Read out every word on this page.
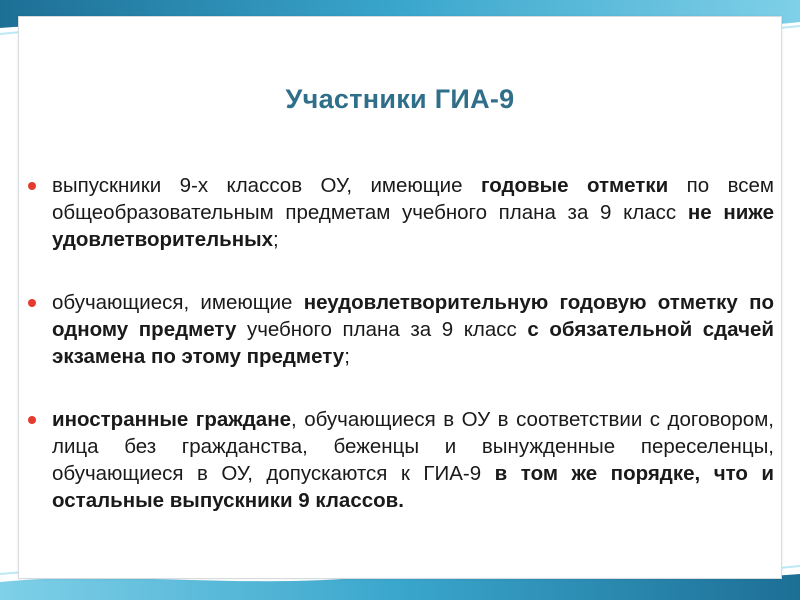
Участники ГИА-9
выпускники 9-х классов ОУ, имеющие годовые отметки по всем общеобразовательным предметам учебного плана за 9 класс не ниже удовлетворительных;
обучающиеся, имеющие неудовлетворительную годовую отметку по одному предмету учебного плана за 9 класс с обязательной сдачей экзамена по этому предмету;
иностранные граждане, обучающиеся в ОУ в соответствии с договором, лица без гражданства, беженцы и вынужденные переселенцы, обучающиеся в ОУ, допускаются к ГИА-9 в том же порядке, что и остальные выпускники 9 классов.
